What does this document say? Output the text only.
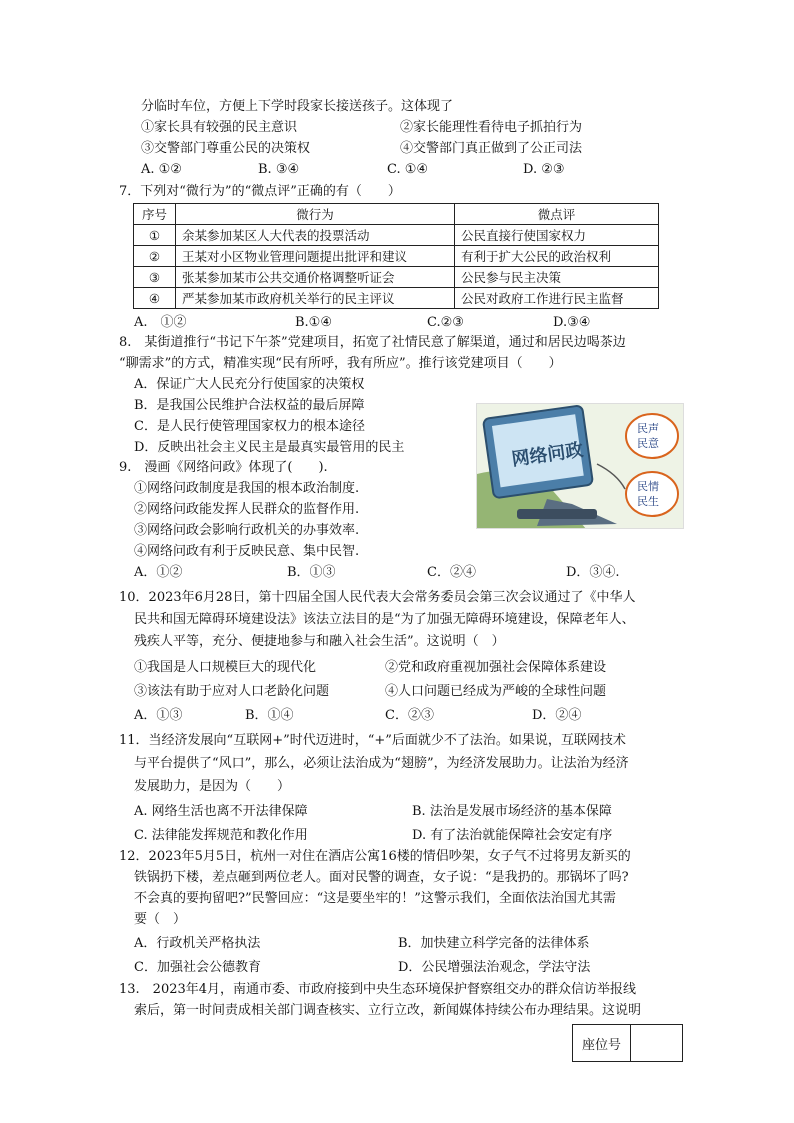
分临时车位，方便上下学时段家长接送孩子。这体现了
①家长具有较强的民主意识	②家长能理性看待电子抓拍行为
③交警部门尊重公民的决策权	④交警部门真正做到了公正司法
A. ①②	B. ③④	C. ①④	D. ②③
7．下列对“微行为”的“微点评”正确的有（　　）
序号	微行为	微点评
①	余某参加某区人大代表的投票活动	公民直接行使国家权力
②	王某对小区物业管理问题提出批评和建议	有利于扩大公民的政治权利
③	张某参加某市公共交通价格调整听证会	公民参与民主决策
④	严某参加某市政府机关举行的民主评议	公民对政府工作进行民主监督
A.　①②	B.①④	C.②③	D.③④
8.　某街道推行“书记下午茶”党建项目，拓宽了社情民意了解渠道，通过和居民边喝茶边
“聊需求”的方式，精准实现“民有所呼，我有所应”。推行该党建项目（　　）
A．保证广大人民充分行使国家的决策权
B．是我国公民维护合法权益的最后屏障
C．是人民行使管理国家权力的根本途径
D．反映出社会主义民主是最真实最管用的民主	网络问政
民声
民意
民情
民生
9.　漫画《网络问政》体现了(　　).
①网络问政制度是我国的根本政治制度.
②网络问政能发挥人民群众的监督作用.
③网络问政会影响行政机关的办事效率.
④网络问政有利于反映民意、集中民智.
A．①②	B．①③	C．②④	D．③④.
10．2023年6月28日，第十四届全国人民代表大会常务委员会第三次会议通过了《中华人
民共和国无障碍环境建设法》该法立法目的是“为了加强无障碍环境建设，保障老年人、
残疾人平等，充分、便捷地参与和融入社会生活”。这说明（　）
①我国是人口规模巨大的现代化	②党和政府重视加强社会保障体系建设
③该法有助于应对人口老龄化问题	④人口问题已经成为严峻的全球性问题
A．①③	B．①④	C．②③	D．②④
11．当经济发展向“互联网+”时代迈进时，“+”后面就少不了法治。如果说，互联网技术
与平台提供了“风口”，那么，必须让法治成为“翅膀”，为经济发展助力。让法治为经济
发展助力，是因为（　　）
A. 网络生活也离不开法律保障	B. 法治是发展市场经济的基本保障
C. 法律能发挥规范和教化作用	D. 有了法治就能保障社会安定有序
12．2023年5月5日，杭州一对住在酒店公寓16楼的情侣吵架，女子气不过将男友新买的
铁锅扔下楼，差点砸到两位老人。面对民警的调查，女子说：“是我扔的。那锅坏了吗?
不会真的要拘留吧?”民警回应：“这是要坐牢的！”这警示我们，全面依法治国尤其需
要（　）
A．行政机关严格执法	B．加快建立科学完备的法律体系
C．加强社会公德教育	D．公民增强法治观念，学法守法
13.　2023年4月，南通市委、市政府接到中央生态环境保护督察组交办的群众信访举报线
索后，第一时间责成相关部门调查核实、立行立改，新闻媒体持续公布办理结果。这说明
座位号
